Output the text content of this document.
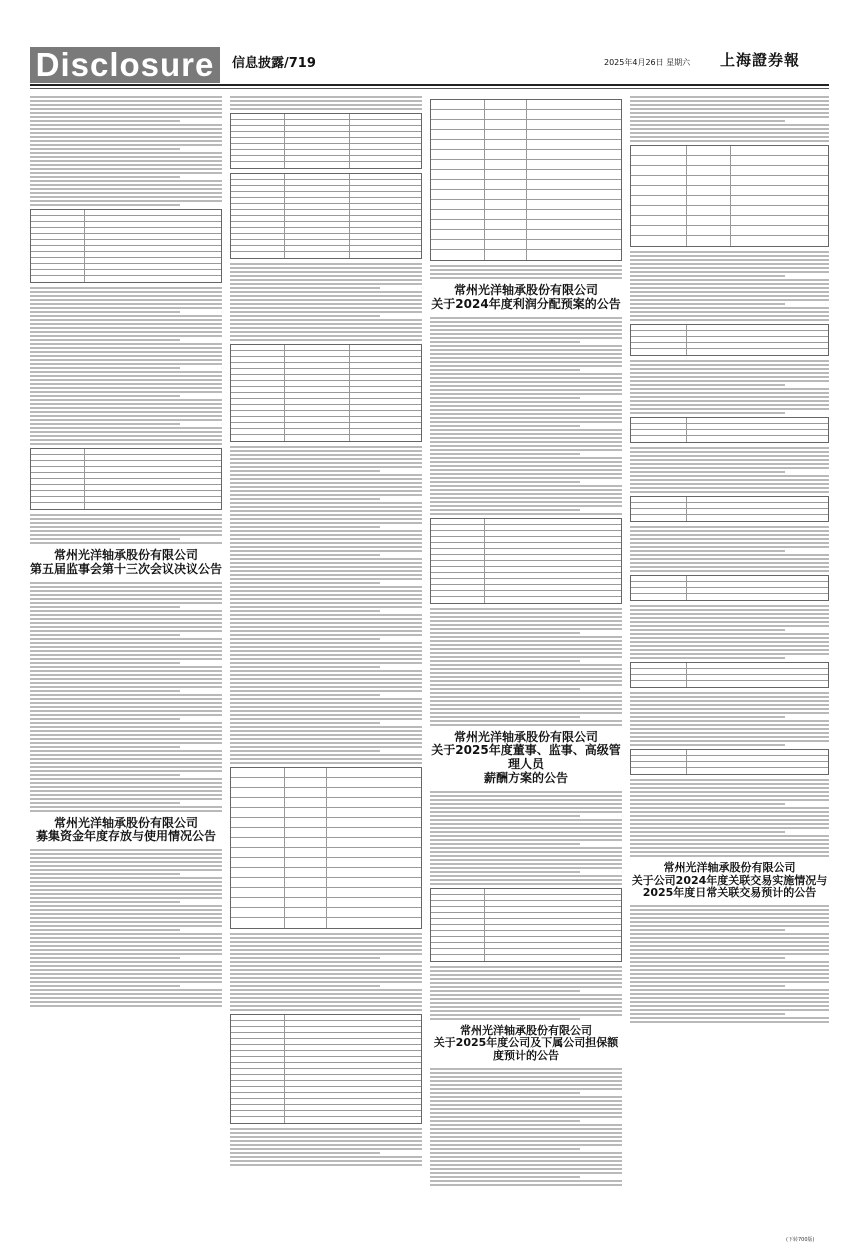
Disclosure	信息披露/719	2025年4月26日 星期六 上海證券報
常州光洋轴承股份有限公司
第五届监事会第十三次会议决议公告
常州光洋轴承股份有限公司
募集资金年度存放与使用情况公告
常州光洋轴承股份有限公司
关于2024年度利润分配预案的公告
常州光洋轴承股份有限公司
关于2025年度董事、监事、高级管理人员
薪酬方案的公告
常州光洋轴承股份有限公司
关于2025年度公司及下属公司担保额度预计的公告
常州光洋轴承股份有限公司
关于公司2024年度关联交易实施情况与
2025年度日常关联交易预计的公告
(下转700版)
